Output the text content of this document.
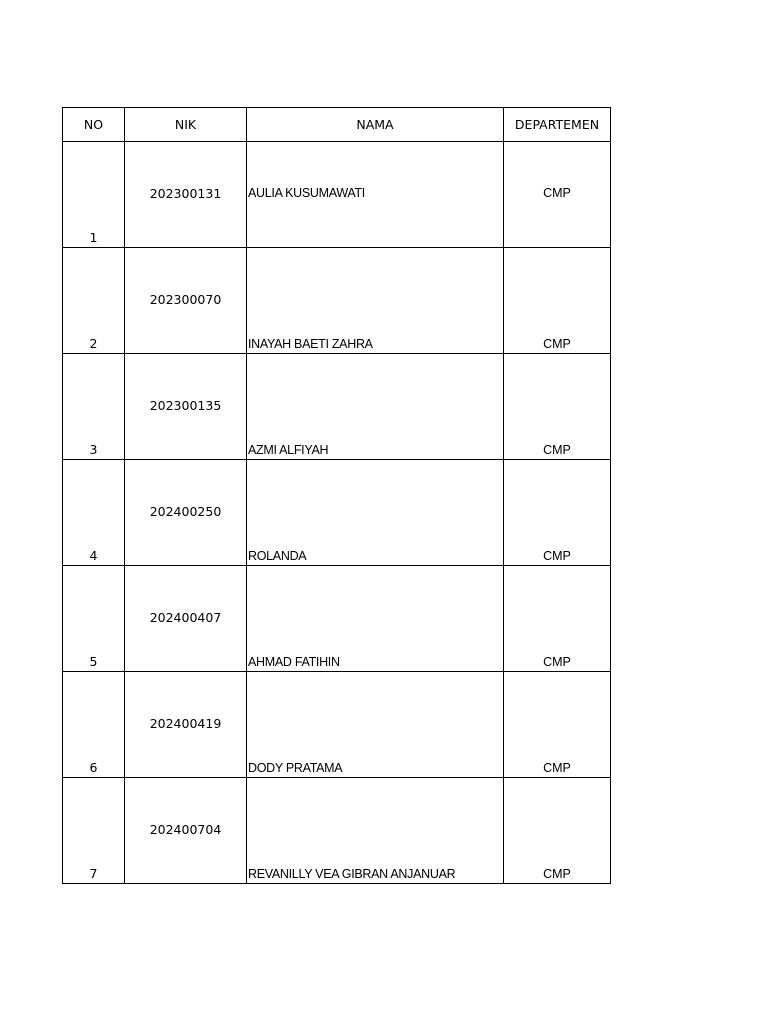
NO	NIK	NAMA	DEPARTEMEN

1	202300131	AULIA KUSUMAWATI	CMP

2	202300070	INAYAH BAETI ZAHRA	CMP

3	202300135	AZMI ALFIYAH	CMP

4	202400250	ROLANDA	CMP

5	202400407	AHMAD FATIHIN	CMP

6	202400419	DODY PRATAMA	CMP

7	202400704	REVANILLY VEA GIBRAN ANJANUAR	CMP
